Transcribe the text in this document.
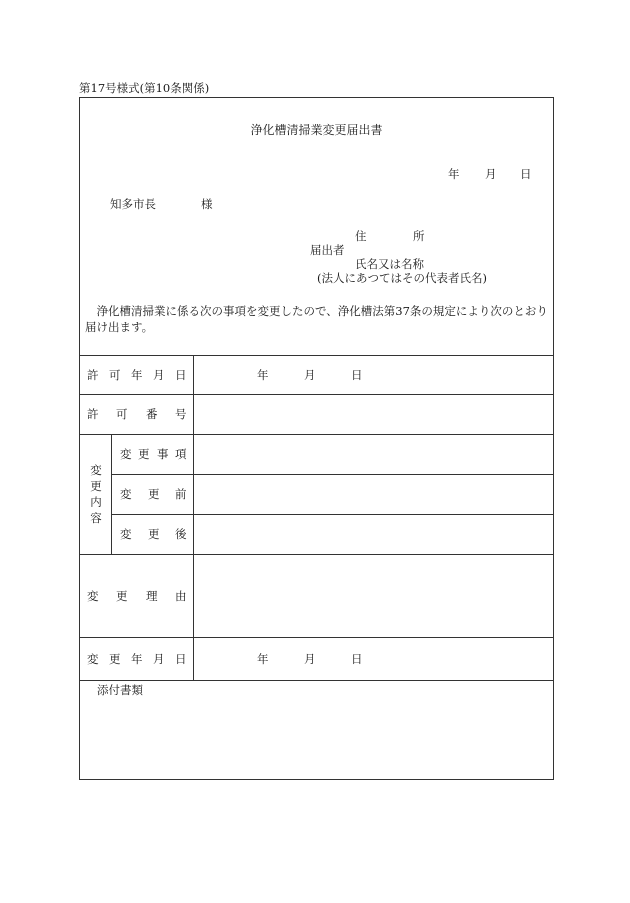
第17号様式(第10条関係)
浄化槽清掃業変更届出書
年 月 日
知多市長	様
住	所
届出者
氏名又は名称
(法人にあつてはその代表者氏名)
浄化槽清掃業に係る次の事項を変更したので、浄化槽法第37条の規定により次のとおり届け出ます。
許 可 年 月 日	年	月	日
許 可 番 号
変更内容
変 更 事 項
変 更 前
変 更 後
変 更 理 由
変 更 年 月 日	年	月	日
添付書類
